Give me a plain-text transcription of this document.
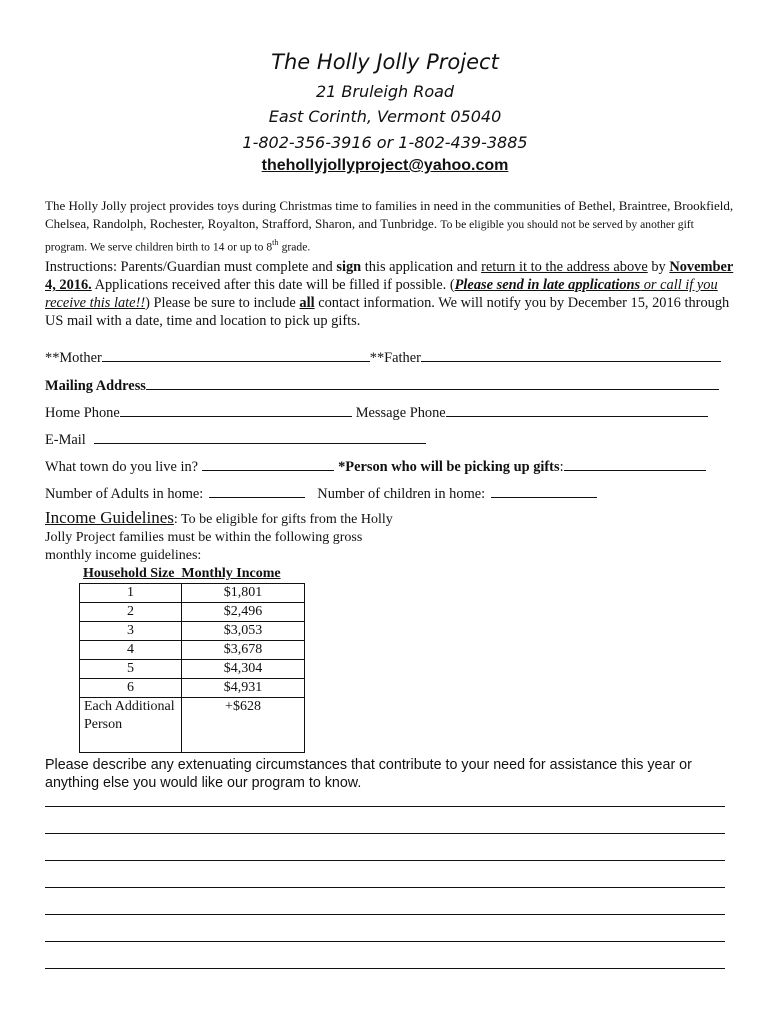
The Holly Jolly Project
21 Bruleigh Road
East Corinth, Vermont 05040
1-802-356-3916 or 1-802-439-3885
thehollyjollyproject@yahoo.com
The Holly Jolly project provides toys during Christmas time to families in need in the communities of Bethel, Braintree, Brookfield, Chelsea, Randolph, Rochester, Royalton, Strafford, Sharon, and Tunbridge. To be eligible you should not be served by another gift program. We serve children birth to 14 or up to 8th grade.
Instructions: Parents/Guardian must complete and sign this application and return it to the address above by November 4, 2016. Applications received after this date will be filled if possible. (Please send in late applications or call if you receive this late!!) Please be sure to include all contact information. We will notify you by December 15, 2016 through US mail with a date, time and location to pick up gifts.
**Mother	**Father
Mailing Address
Home Phone	Message Phone
E-Mail
What town do you live in?	*Person who will be picking up gifts :
Number of Adults in home:	Number of children in home:
Income Guidelines: To be eligible for gifts from the Holly Jolly Project families must be within the following gross monthly income guidelines:
Household Size Monthly Income
1	$1,801
2	$2,496
3	$3,053
4	$3,678
5	$4,304
6	$4,931
Each Additional Person	+$628
Please describe any extenuating circumstances that contribute to your need for assistance this year or anything else you would like our program to know.
